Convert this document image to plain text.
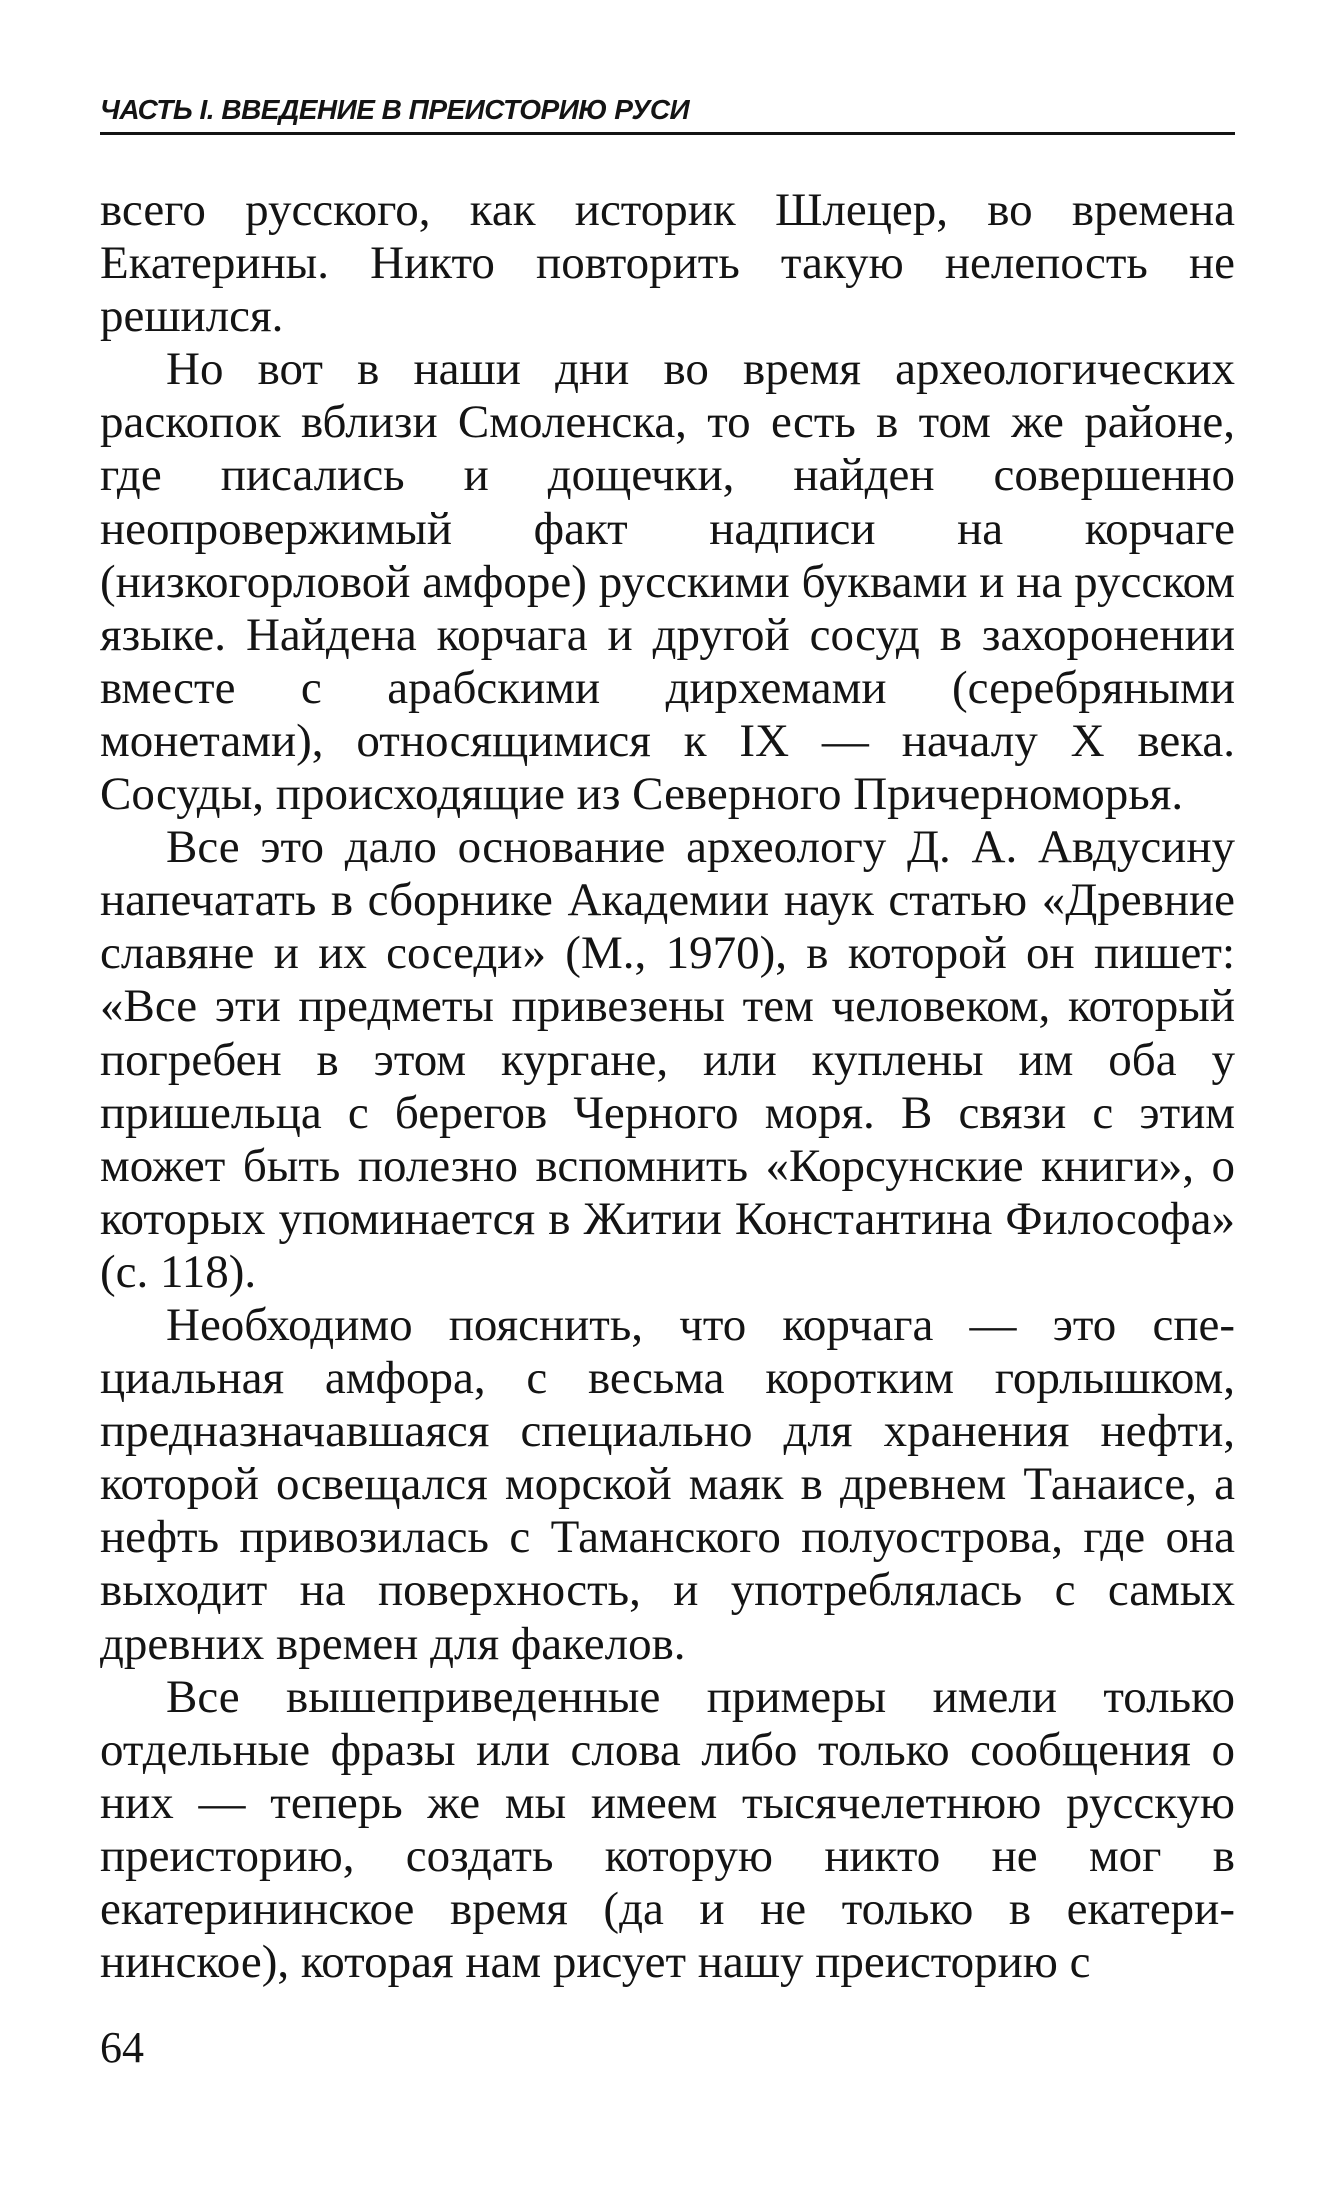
ЧАСТЬ I. ВВЕДЕНИЕ В ПРЕИСТОРИЮ РУСИ

всего русского, как историк Шлецер, во времена Екатерины. Никто повторить такую нелепость не решился.

Но вот в наши дни во время археологических раскопок вблизи Смоленска, то есть в том же районе, где писались и дощечки, найден совершенно неопровержимый факт надписи на корчаге (низкогорловой амфоре) русскими буквами и на русском языке. Найдена корчага и другой сосуд в захоронении вместе с арабскими дирхемами (серебряными монетами), относящимися к IX — началу X века. Сосуды, происходящие из Северного Причерноморья.

Все это дало основание археологу Д. А. Авдусину напечатать в сборнике Академии наук статью «Древние славяне и их соседи» (М., 1970), в которой он пишет: «Все эти предметы привезены тем человеком, который погребен в этом кургане, или куплены им оба у пришельца с берегов Черного моря. В связи с этим может быть полезно вспомнить «Корсунские книги», о которых упоминается в Житии Константина Философа» (с. 118).

Необходимо пояснить, что корчага — это специальная амфора, с весьма коротким горлышком, предназначавшаяся специально для хранения нефти, которой освещался морской маяк в древнем Танаисе, а нефть привозилась с Таманского полуострова, где она выходит на поверхность, и употреблялась с самых древних времен для факелов.

Все вышеприведенные примеры имели только отдельные фразы или слова либо только сообщения о них — теперь же мы имеем тысячелетнюю русскую преисторию, создать которую никто не мог в екатерининское время (да и не только в екатерининское), которая нам рисует нашу преисторию с

64
